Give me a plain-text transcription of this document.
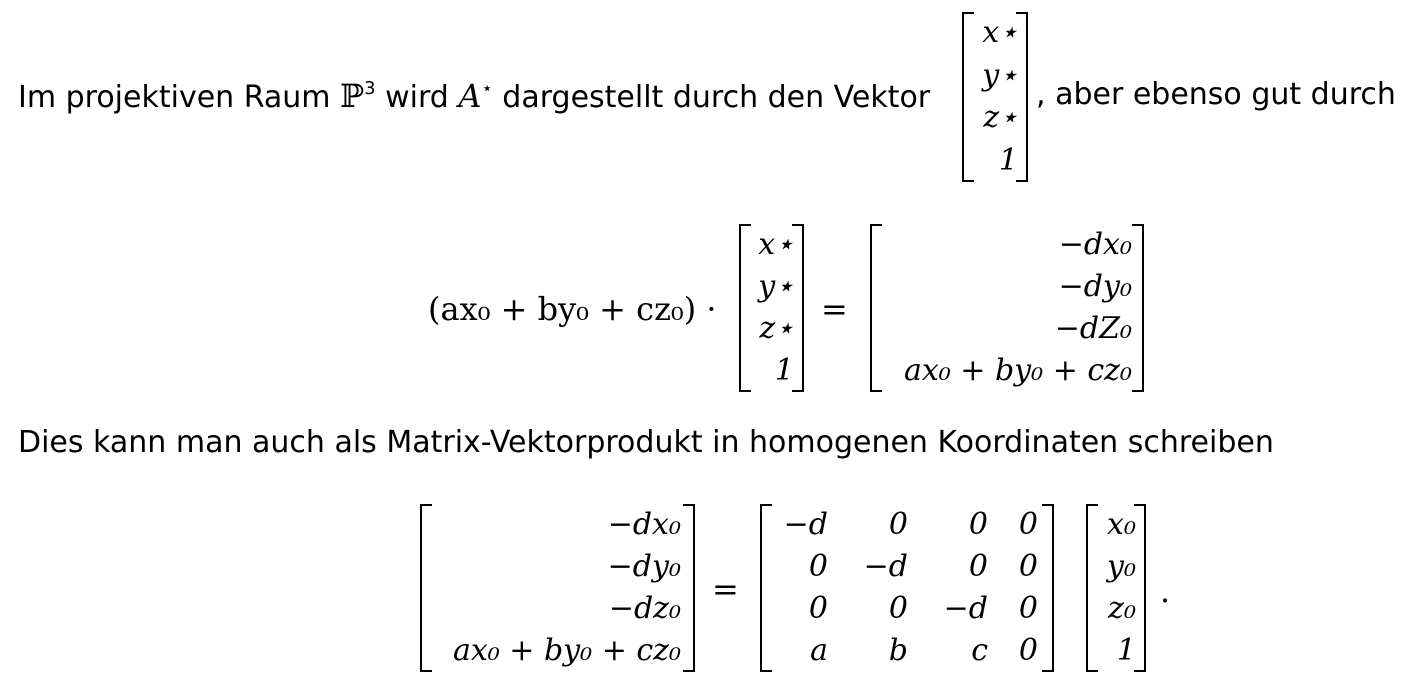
Im projektiven Raum ℙ$^3$ wird A⋆ dargestellt durch den Vektor
x⋆
y⋆
z⋆
1
, aber ebenso gut durch
(ax₀ + by₀ + cz₀) ·
x⋆
y⋆
z⋆
1
=
−dx₀
−dy₀
−dZ₀
ax₀ + by₀ + cz₀
Dies kann man auch als Matrix-Vektorprodukt in homogenen Koordinaten schreiben
−dx₀
−dy₀
−dz₀
ax₀ + by₀ + cz₀
=
−d 0 0 0
0 −d 0 0
0 0 −d 0
a b c 0
x₀
y₀
z₀
1
.
